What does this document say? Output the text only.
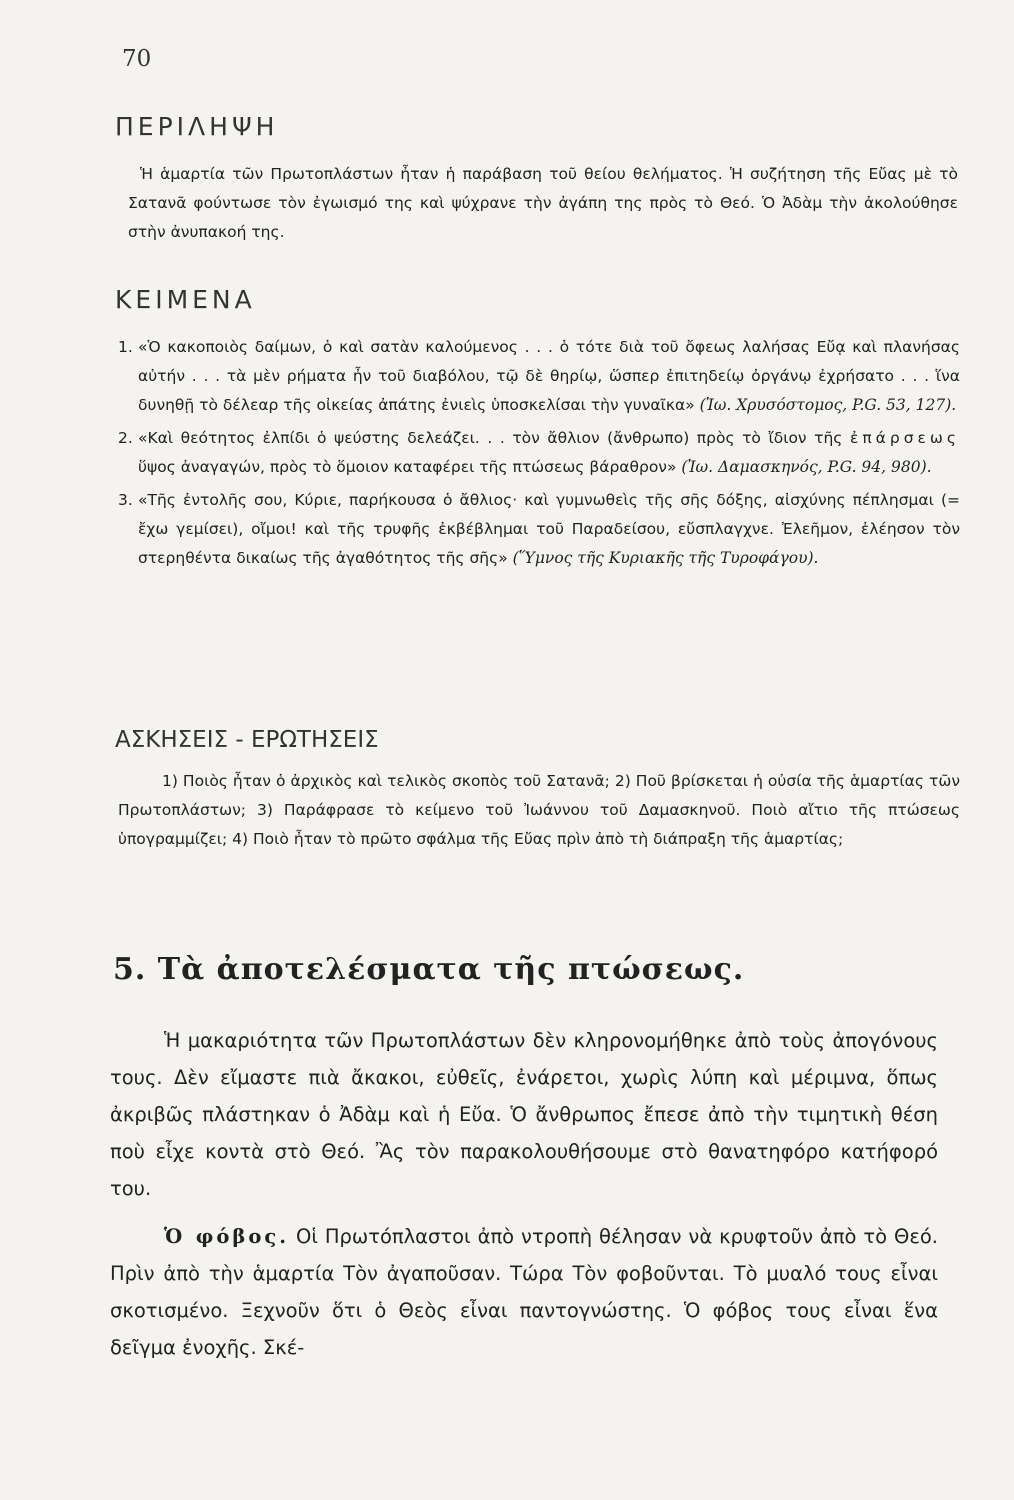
70
ΠΕΡΙΛΗΨΗ

Ἡ ἁμαρτία τῶν Πρωτοπλάστων ἦταν ἡ παράβαση τοῦ θείου θελήματος. Ἡ συζήτηση τῆς Εὔας μὲ τὸ Σατανᾶ φούντωσε τὸν ἐγωισμό της καὶ ψύχρανε τὴν ἀγάπη της πρὸς τὸ Θεό. Ὁ Ἀδὰμ τὴν ἀκολούθησε στὴν ἀνυπακοή της.

ΚΕΙΜΕΝΑ
1. «Ὁ κακοποιὸς δαίμων, ὁ καὶ σατὰν καλούμενος . . . ὁ τότε διὰ τοῦ ὄφεως λαλήσας Εὔᾳ καὶ πλανήσας αὐτήν . . . τὰ μὲν ρήματα ἦν τοῦ διαβόλου, τῷ δὲ θηρίῳ, ὥσπερ ἐπιτηδείῳ ὀργάνῳ ἐχρήσατο . . . ἵνα δυνηθῇ τὸ δέλεαρ τῆς οἰκείας ἀπάτης ἐνιεὶς ὑποσκελίσαι τὴν γυναῖκα» (Ἰω. Χρυσόστομος, P.G. 53, 127).
2. «Καὶ θεότητος ἐλπίδι ὁ ψεύστης δελεάζει. . . τὸν ἄθλιον (ἄνθρωπο) πρὸς τὸ ἴδιον τῆς ἐπάρσεως ὕψος ἀναγαγών, πρὸς τὸ ὅμοιον καταφέρει τῆς πτώσεως βάραθρον» (Ἰω. Δαμασκηνός, P.G. 94, 980).
3. «Τῆς ἐντολῆς σου, Κύριε, παρήκουσα ὁ ἄθλιος· καὶ γυμνωθεὶς τῆς σῆς δόξης, αἰσχύνης πέπλησμαι (= ἔχω γεμίσει), οἴμοι! καὶ τῆς τρυφῆς ἐκβέβλημαι τοῦ Παραδείσου, εὔσπλαγχνε. Ἐλεῆμον, ἐλέησον τὸν στερηθέντα δικαίως τῆς ἀγαθότητος τῆς σῆς» (Ὕμνος τῆς Κυριακῆς τῆς Τυροφάγου).
ΑΣΚΗΣΕΙΣ - ΕΡΩΤΗΣΕΙΣ
1) Ποιὸς ἦταν ὁ ἀρχικὸς καὶ τελικὸς σκοπὸς τοῦ Σατανᾶ; 2) Ποῦ βρίσκεται ἡ οὐσία τῆς ἁμαρτίας τῶν Πρωτοπλάστων; 3) Παράφρασε τὸ κείμενο τοῦ Ἰωάννου τοῦ Δαμασκηνοῦ. Ποιὸ αἴτιο τῆς πτώσεως ὑπογραμμίζει; 4) Ποιὸ ἦταν τὸ πρῶτο σφάλμα τῆς Εὔας πρὶν ἀπὸ τὴ διάπραξη τῆς ἁμαρτίας;
5. Τὰ ἀποτελέσματα τῆς πτώσεως.

Ἡ μακαριότητα τῶν Πρωτοπλάστων δὲν κληρονομήθηκε ἀπὸ τοὺς ἀπογόνους τους. Δὲν εἴμαστε πιὰ ἄκακοι, εὐθεῖς, ἐνάρετοι, χωρὶς λύπη καὶ μέριμνα, ὅπως ἀκριβῶς πλάστηκαν ὁ Ἀδὰμ καὶ ἡ Εὔα. Ὁ ἄνθρωπος ἔπεσε ἀπὸ τὴν τιμητικὴ θέση ποὺ εἶχε κοντὰ στὸ Θεό. Ἂς τὸν παρακολουθήσουμε στὸ θανατηφόρο κατήφορό του.

Ὁ φόβος. Οἱ Πρωτόπλαστοι ἀπὸ ντροπὴ θέλησαν νὰ κρυφτοῦν ἀπὸ τὸ Θεό. Πρὶν ἀπὸ τὴν ἁμαρτία Τὸν ἀγαποῦσαν. Τώρα Τὸν φοβοῦνται. Τὸ μυαλό τους εἶναι σκοτισμένο. Ξεχνοῦν ὅτι ὁ Θεὸς εἶναι παντογνώστης. Ὁ φόβος τους εἶναι ἕνα δεῖγμα ἐνοχῆς. Σκέ-
